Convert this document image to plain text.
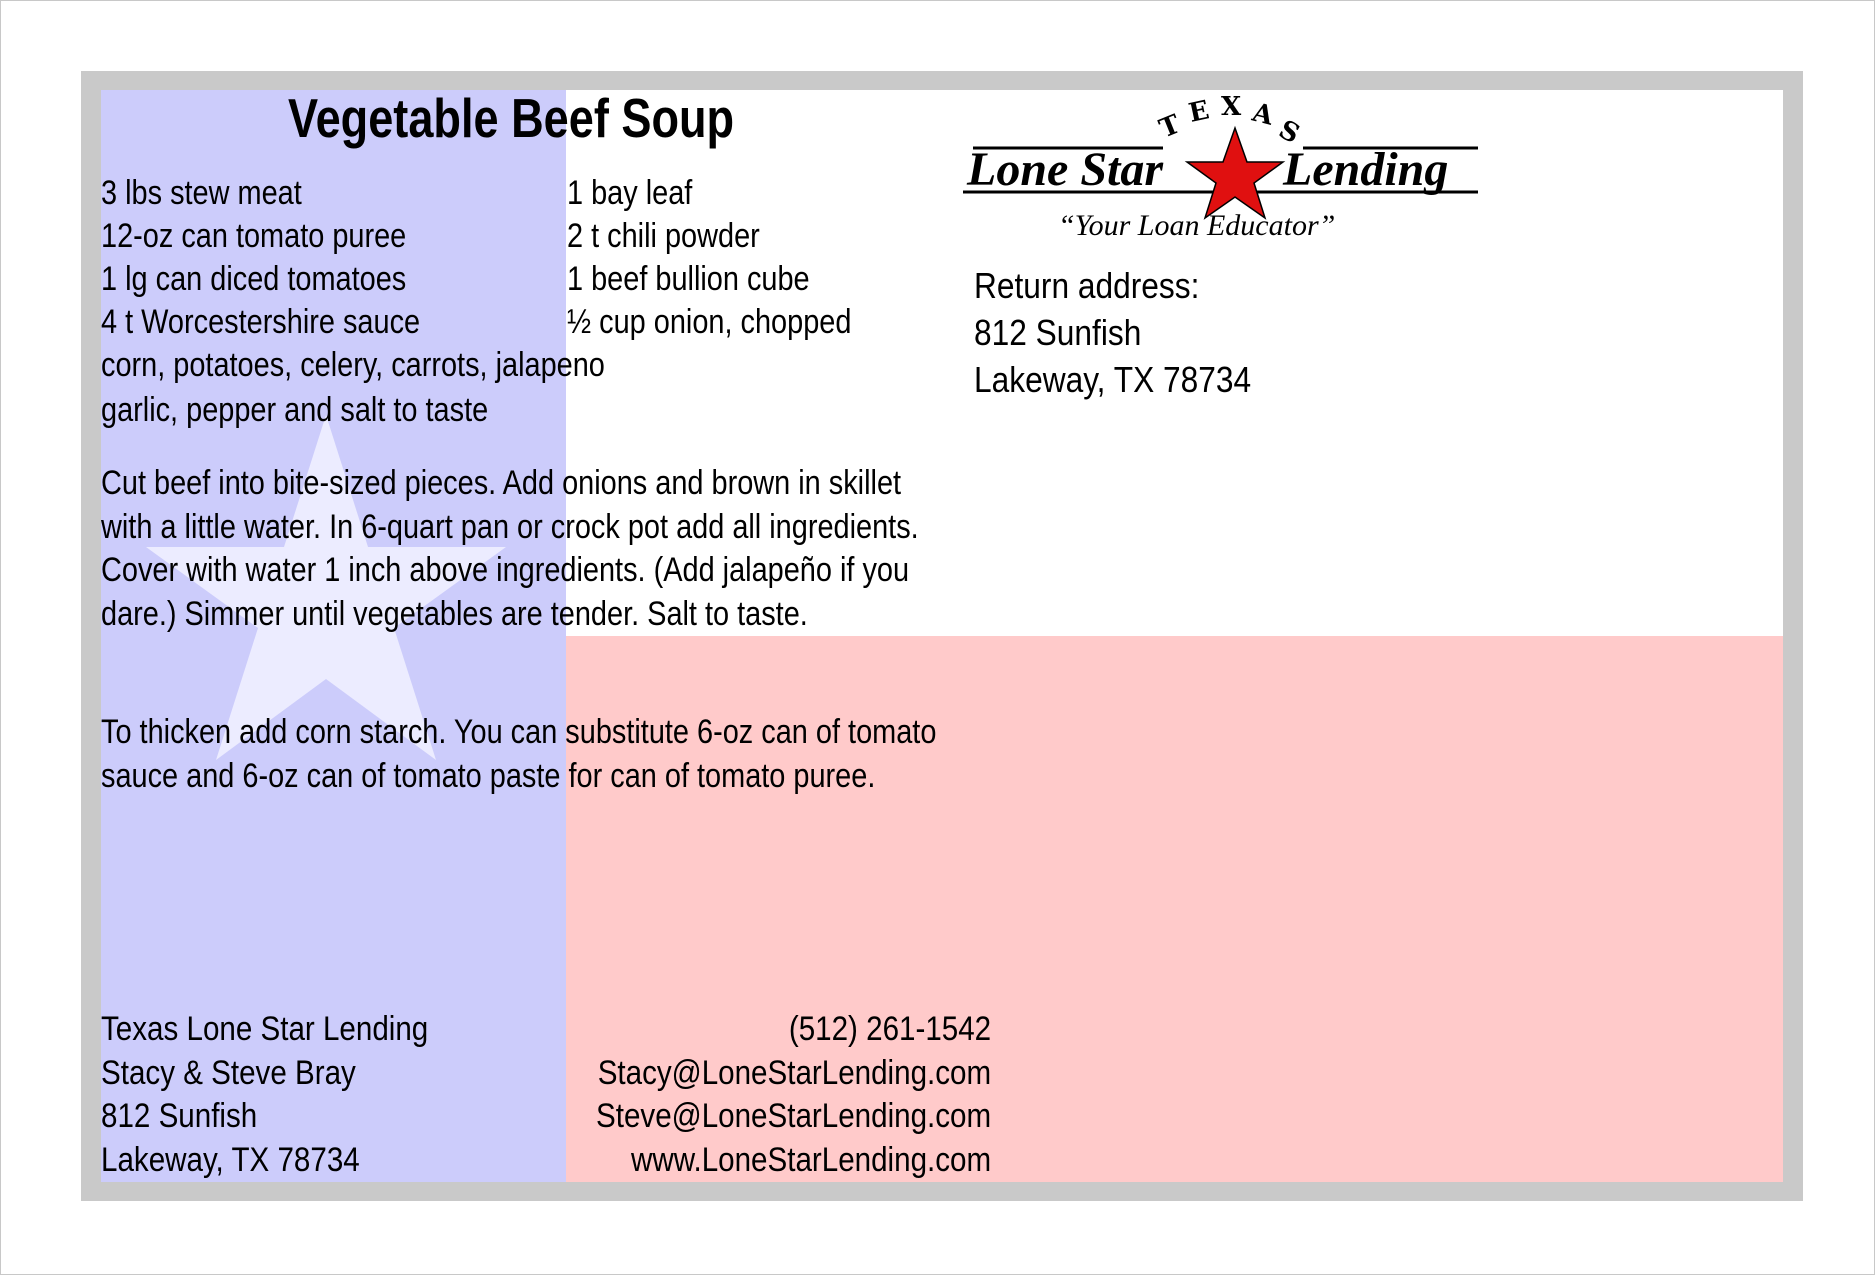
Vegetable Beef Soup
3 lbs stew meat
12-oz can tomato puree
1 lg can diced tomatoes
4 t Worcestershire sauce
1 bay leaf
2 t chili powder
1 beef bullion cube
½ cup onion, chopped
corn, potatoes, celery, carrots, jalapeno
garlic, pepper and salt to taste
Cut beef into bite-sized pieces. Add onions and brown in skillet with a little water. In 6-quart pan or crock pot add all ingredients. Cover with water 1 inch above ingredients. (Add jalapeño if you dare.) Simmer until vegetables are tender. Salt to taste.
To thicken add corn starch. You can substitute 6-oz can of tomato sauce and 6-oz can of tomato paste for can of tomato puree.
T E X A
S
Lone Star Lending
“Your Loan Educator”
Return address:
812 Sunfish
Lakeway, TX 78734
Texas Lone Star Lending
Stacy & Steve Bray
812 Sunfish
Lakeway, TX 78734
(512) 261-1542
Stacy@LoneStarLending.com
Steve@LoneStarLending.com
www.LoneStarLending.com
